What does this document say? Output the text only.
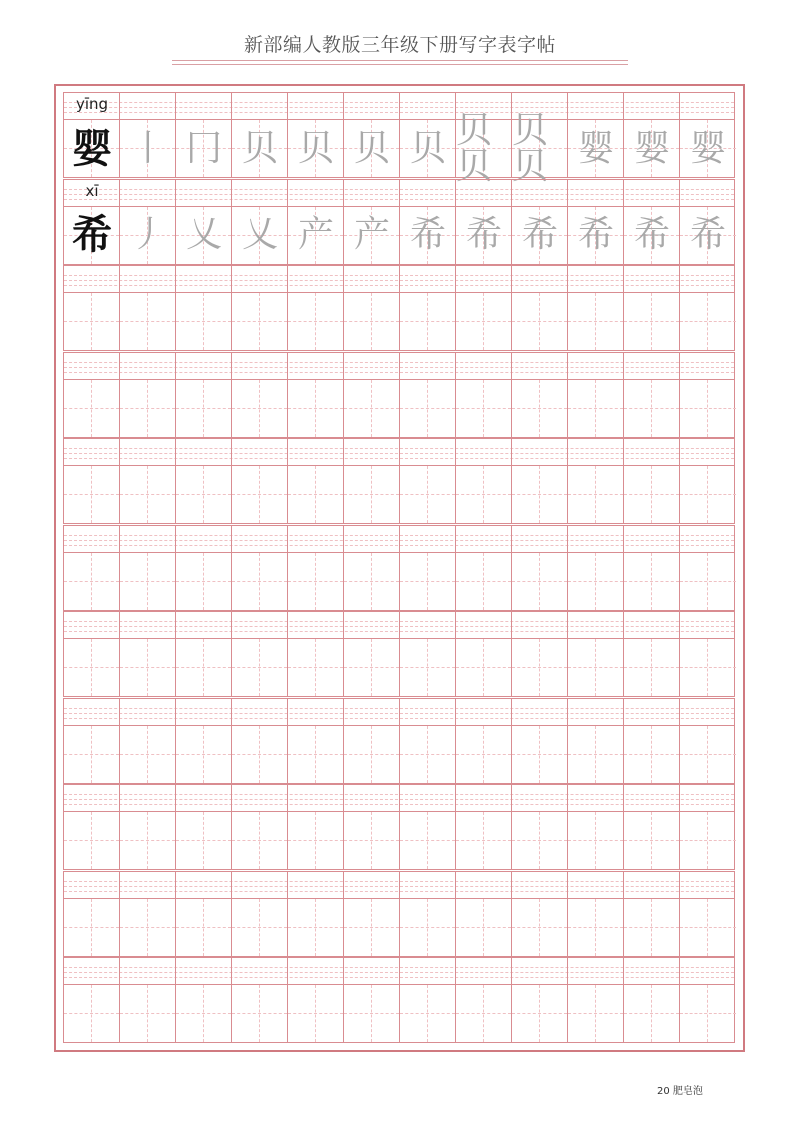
新部编人教版三年级下册写字表字帖
yīng
婴 丨 冂 贝 贝 贝 贝 贝贝
贝贝 婴 婴 婴
xī
希 丿 乂 乂 产 产 希 希 希 希 希 希
20 肥皂泡
